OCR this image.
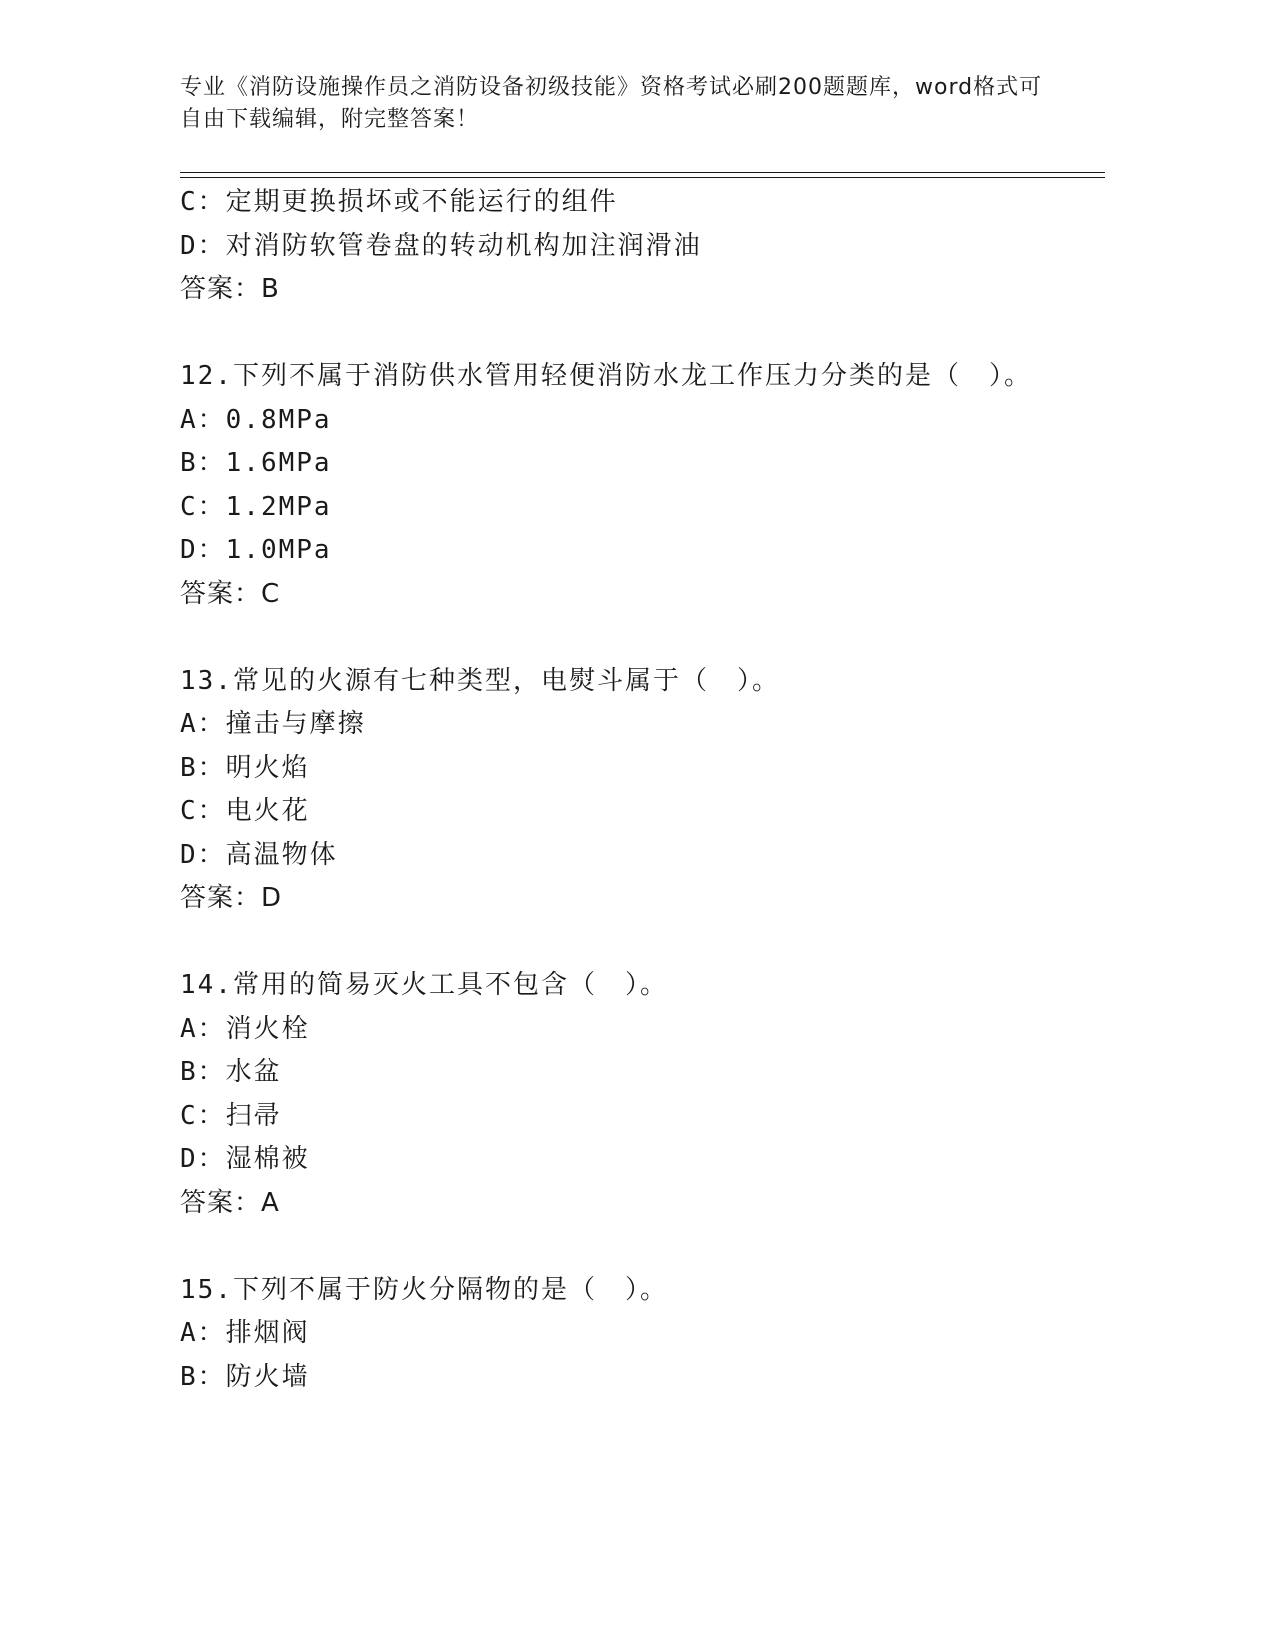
专业《消防设施操作员之消防设备初级技能》资格考试必刷200题题库，word格式可自由下载编辑，附完整答案！
C：定期更换损坏或不能运行的组件
D：对消防软管卷盘的转动机构加注润滑油
答案：B
12.下列不属于消防供水管用轻便消防水龙工作压力分类的是（　）。
A：0.8MPa
B：1.6MPa
C：1.2MPa
D：1.0MPa
答案：C
13.常见的火源有七种类型，电熨斗属于（　）。
A：撞击与摩擦
B：明火焰
C：电火花
D：高温物体
答案：D
14.常用的简易灭火工具不包含（　）。
A：消火栓
B：水盆
C：扫帚
D：湿棉被
答案：A
15.下列不属于防火分隔物的是（　）。
A：排烟阀
B：防火墙
